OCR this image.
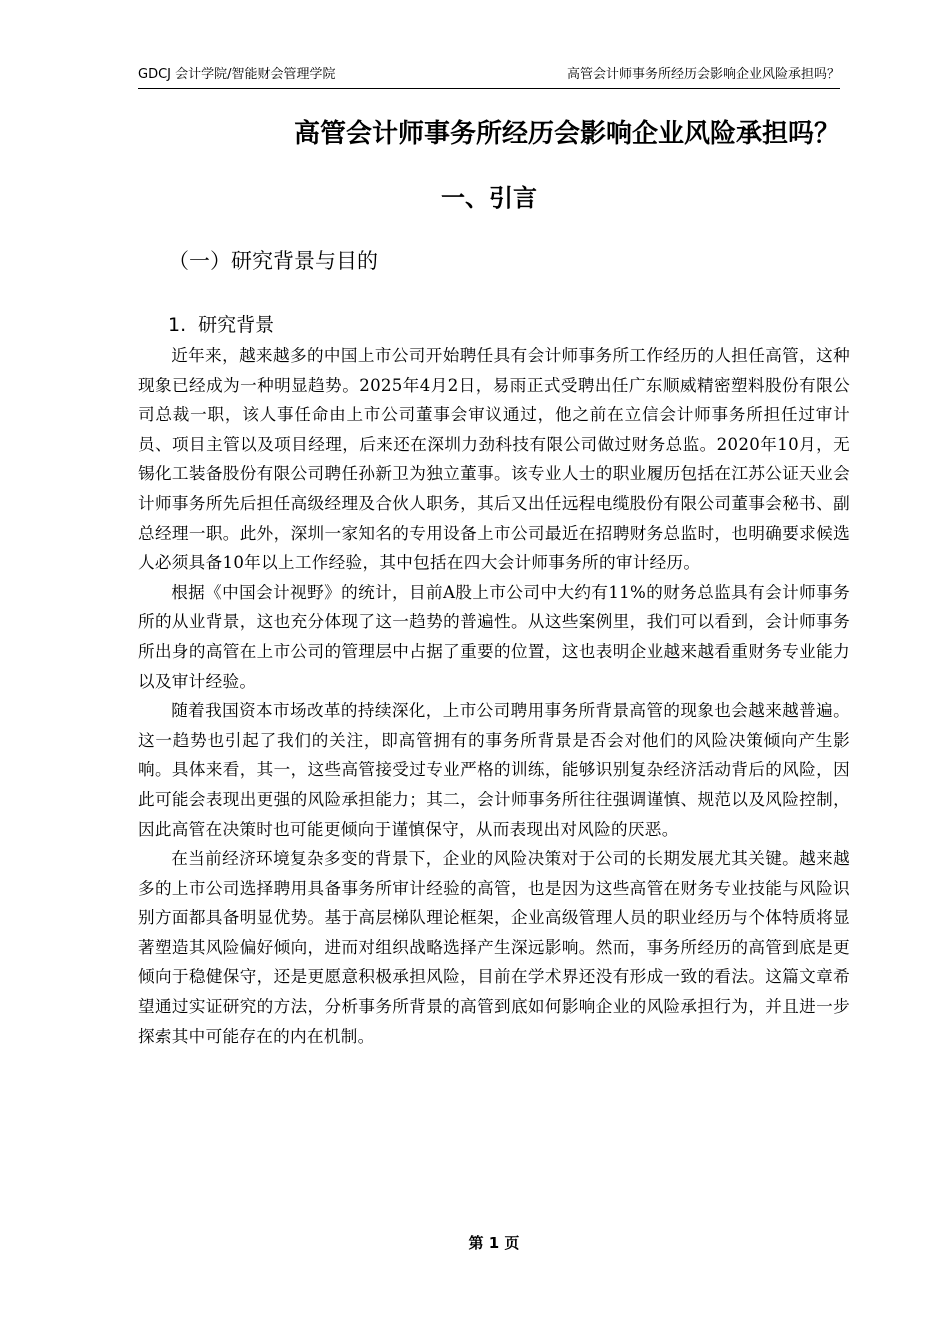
GDCJ 会计学院/智能财会管理学院	高管会计师事务所经历会影响企业风险承担吗？
高管会计师事务所经历会影响企业风险承担吗？
一、引言
（一）研究背景与目的
1. 研究背景

近年来，越来越多的中国上市公司开始聘任具有会计师事务所工作经历的人担任高管，这种现象已经成为一种明显趋势。2025年4月2日，易雨正式受聘出任广东顺威精密塑料股份有限公司总裁一职，该人事任命由上市公司董事会审议通过，他之前在立信会计师事务所担任过审计员、项目主管以及项目经理，后来还在深圳力劲科技有限公司做过财务总监。2020年10月，无锡化工装备股份有限公司聘任孙新卫为独立董事。该专业人士的职业履历包括在江苏公证天业会计师事务所先后担任高级经理及合伙人职务，其后又出任远程电缆股份有限公司董事会秘书、副总经理一职。此外，深圳一家知名的专用设备上市公司最近在招聘财务总监时，也明确要求候选人必须具备10年以上工作经验，其中包括在四大会计师事务所的审计经历。

根据《中国会计视野》的统计，目前A股上市公司中大约有11%的财务总监具有会计师事务所的从业背景，这也充分体现了这一趋势的普遍性。从这些案例里，我们可以看到，会计师事务所出身的高管在上市公司的管理层中占据了重要的位置，这也表明企业越来越看重财务专业能力以及审计经验。

随着我国资本市场改革的持续深化，上市公司聘用事务所背景高管的现象也会越来越普遍。这一趋势也引起了我们的关注，即高管拥有的事务所背景是否会对他们的风险决策倾向产生影响。具体来看，其一，这些高管接受过专业严格的训练，能够识别复杂经济活动背后的风险，因此可能会表现出更强的风险承担能力；其二，会计师事务所往往强调谨慎、规范以及风险控制，因此高管在决策时也可能更倾向于谨慎保守，从而表现出对风险的厌恶。

在当前经济环境复杂多变的背景下，企业的风险决策对于公司的长期发展尤其关键。越来越多的上市公司选择聘用具备事务所审计经验的高管，也是因为这些高管在财务专业技能与风险识别方面都具备明显优势。基于高层梯队理论框架，企业高级管理人员的职业经历与个体特质将显著塑造其风险偏好倾向，进而对组织战略选择产生深远影响。然而，事务所经历的高管到底是更倾向于稳健保守，还是更愿意积极承担风险，目前在学术界还没有形成一致的看法。这篇文章希望通过实证研究的方法，分析事务所背景的高管到底如何影响企业的风险承担行为，并且进一步探索其中可能存在的内在机制。

第 1 页
